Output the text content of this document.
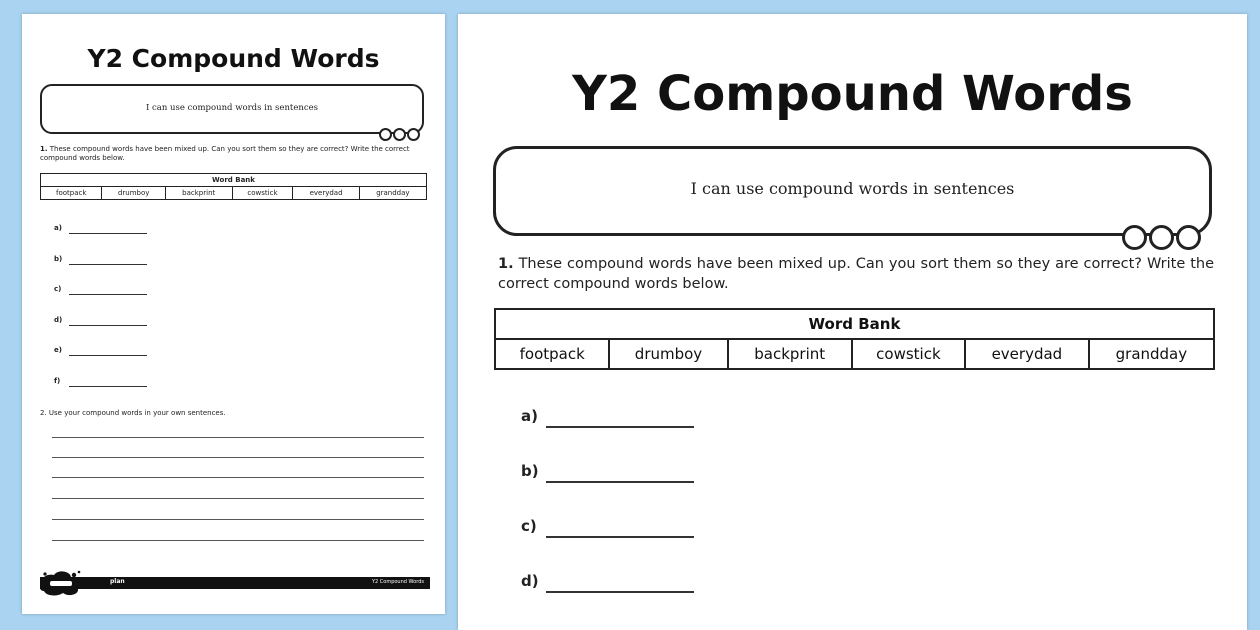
Y2 Compound Words
I can use compound words in sentences
1. These compound words have been mixed up. Can you sort them so they are correct? Write the correct compound words below.
Word Bank
footpack	drumboy	backprint	cowstick	everydad	grandday
a)
b)
c)
d)
e)
f)
2. Use your compound words in your own sentences.
plan	Y2 Compound Words
Y2 Compound Words
I can use compound words in sentences
1. These compound words have been mixed up. Can you sort them so they are correct? Write the correct compound words below.
Word Bank
footpack	drumboy	backprint	cowstick	everydad	grandday
a)
b)
c)
d)
